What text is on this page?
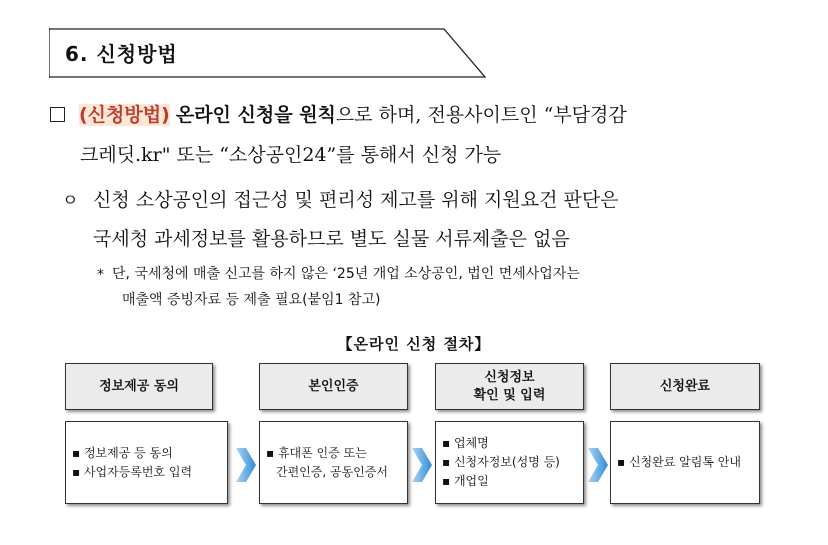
6. 신청방법
(신청방법) 온라인 신청을 원칙으로 하며, 전용사이트인 “부담경감
크레딧.kr" 또는 “소상공인24”를 통해서 신청 가능
ㅇ 신청 소상공인의 접근성 및 편리성 제고를 위해 지원요건 판단은
국세청 과세정보를 활용하므로 별도 실물 서류제출은 없음
* 단, 국세청에 매출 신고를 하지 않은 ‘25년 개업 소상공인, 법인 면세사업자는
매출액 증빙자료 등 제출 필요(붙임1 참고)
【온라인 신청 절차】
정보제공 동의	본인인증
신청정보
확인 및 입력
신청완료
▪ 정보제공 등 동의
▪ 사업자등록번호 입력
▪ 휴대폰 인증 또는
간편인증, 공동인증서
▪ 업체명
▪ 신청자정보(성명 등)
▪ 개업일
▪ 신청완료 알림톡 안내
